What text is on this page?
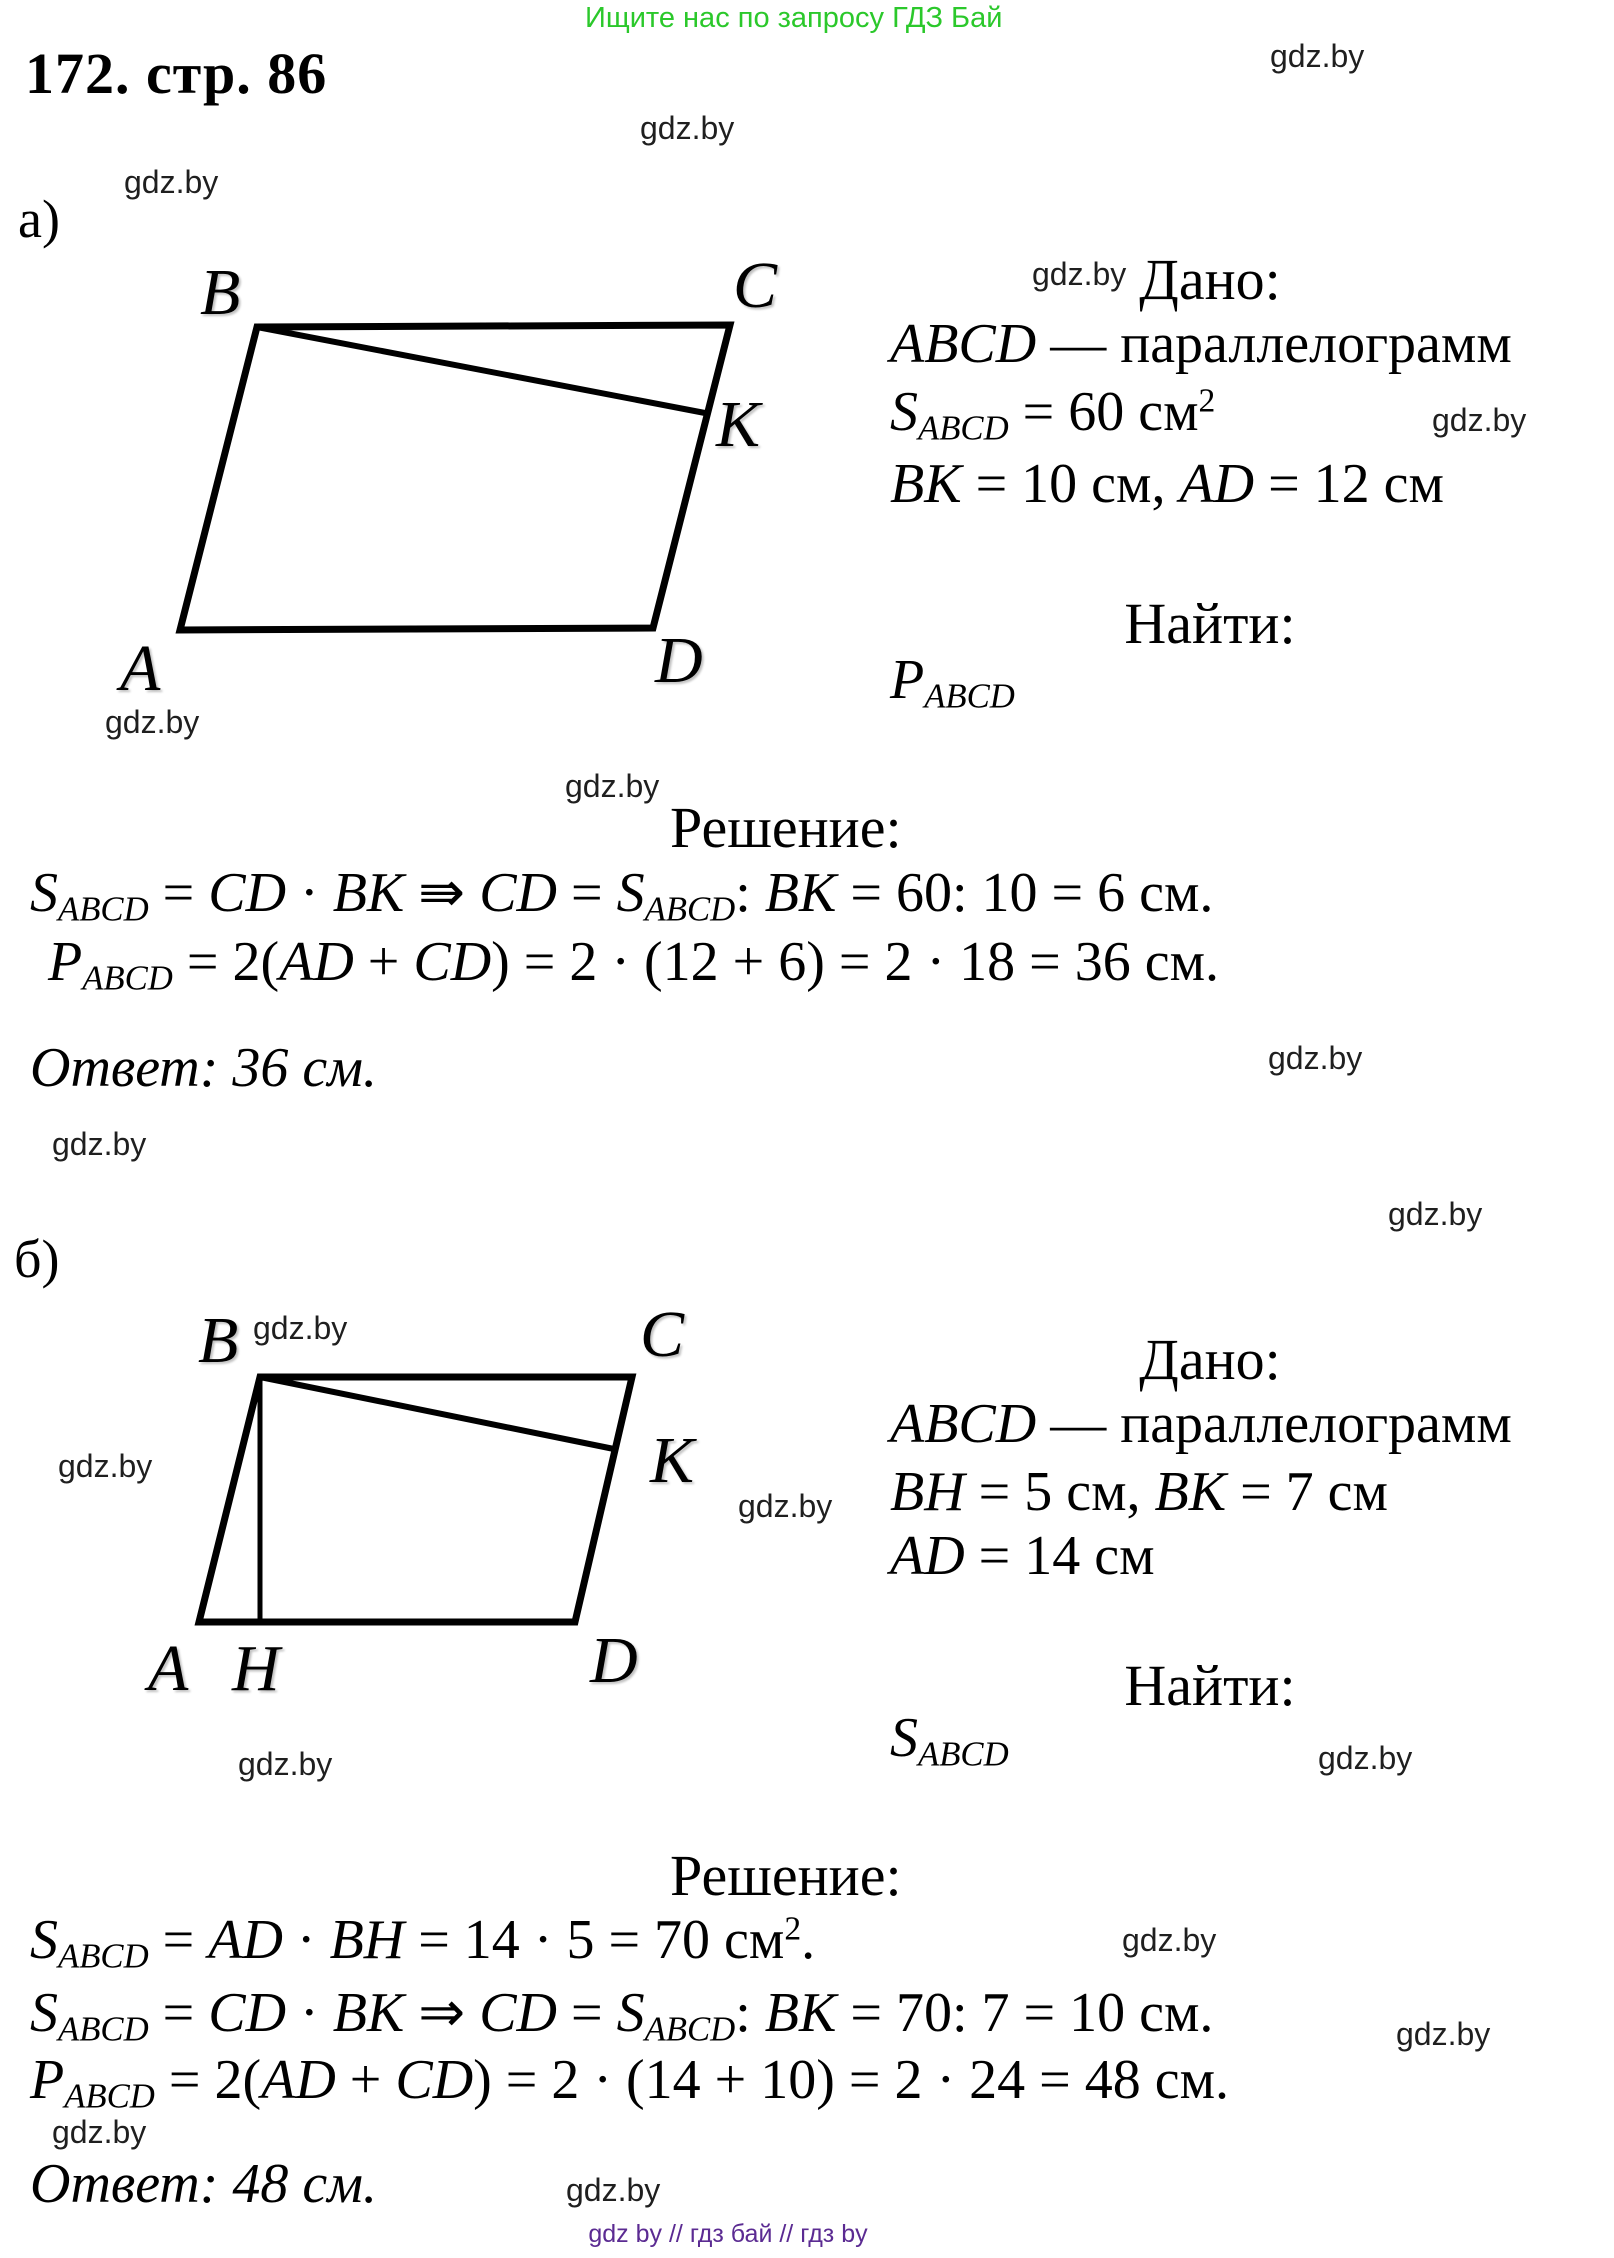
Ищите нас по запросу ГДЗ Бай
172. стр. 86	gdz.by
gdz.by
gdz.by
gdz.by
gdz.by
gdz.by
gdz.by
gdz.by
gdz.by
gdz.by
gdz.by
gdz.by
gdz.by
gdz.by
gdz.by
gdz.by
gdz.by
gdz.by
gdz.by
а)
B	C
K
D
A
Дано:
ABCD — параллелограмм
$S_{ABCD} = 60$ $см^2$
BK = 10 см, AD = 12 см
Найти:
$P_{ABCD}$
Решение:
$S_{ABCD}$ = CD · BK ⇛ CD = $S_{ABCD}$: BK = 60: 10 = 6 см.
$P_{ABCD} = 2(AD + CD) = 2 \cdot (12 + 6) = 2 \cdot 18 = 36$ см.
Ответ: 36 см.
б)
B	C
K
D
A H
Дано:
ABCD — параллелограмм
BH = 5 см, BK = 7 см
AD = 14 см
Найти:
$S_{ABCD}$
Решение:
$S_{ABCD}$ = AD · BH = 14 · 5 = 70 $см^2$.
$S_{ABCD}$ = CD · BK ⇒ CD = $S_{ABCD}$: BK = 70: 7 = 10 см.
$P_{ABCD} = 2(AD + CD) = 2 \cdot (14 + 10) = 2 \cdot 24 = 48$ см.
Ответ: 48 см.
gdz by // гдз бай // гдз by
